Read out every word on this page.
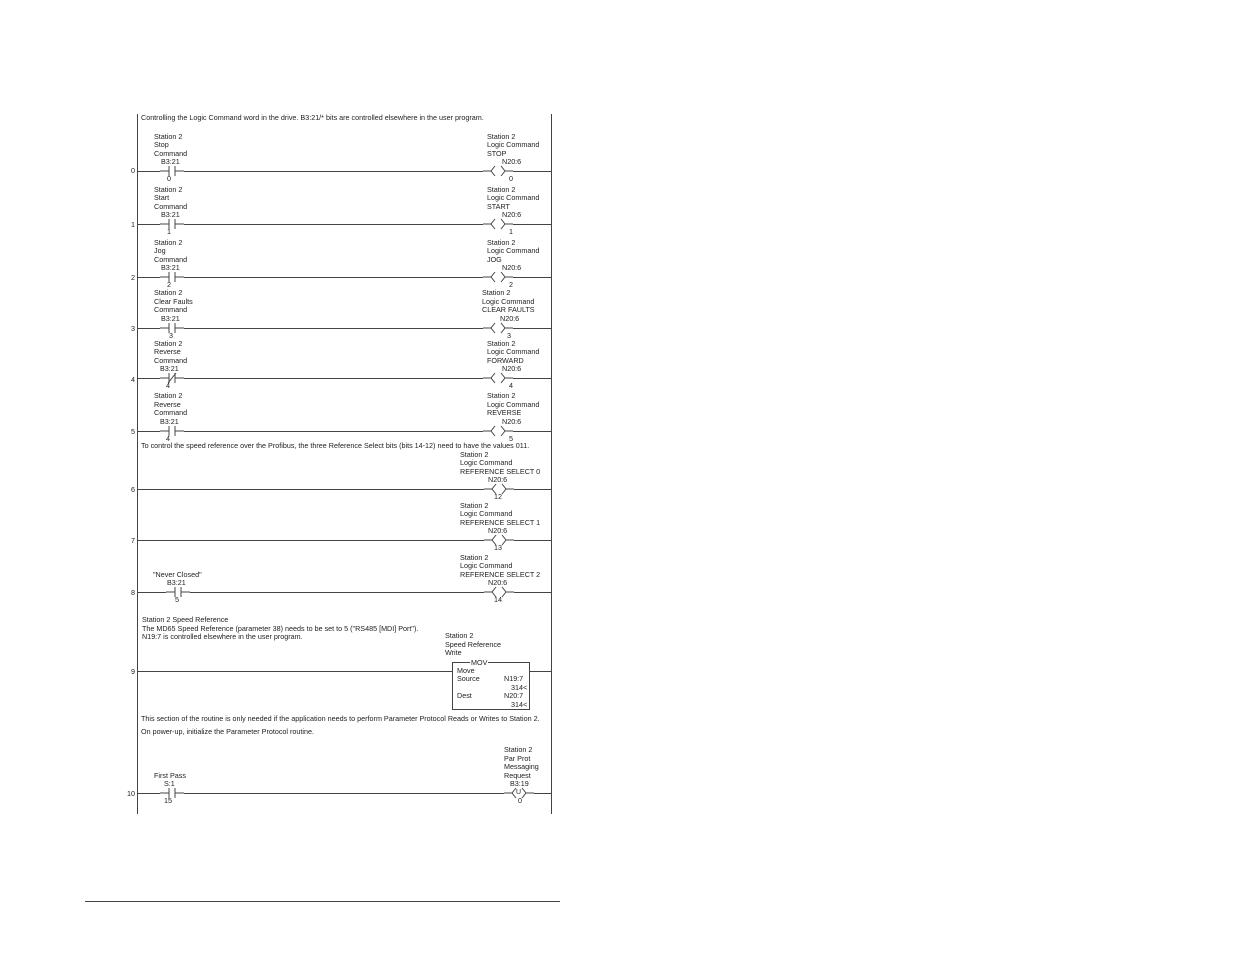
Controlling the Logic Command word in the drive. B3:21/* bits are controlled elsewhere in the user program.
To control the speed reference over the Profibus, the three Reference Select bits (bits 14-12) need to have the values 011.
This section of the routine is only needed if the application needs to perform Parameter Protocol Reads or Writes to Station 2.
On power-up, initialize the Parameter Protocol routine.
0
Station 2
Stop
Command
B3:21
0
Station 2
Logic Command
STOP
N20:6
0
1
Station 2
Start
Command
B3:21
1
Station 2
Logic Command
START
N20:6
1
2
Station 2
Jog
Command
B3:21
2
Station 2
Logic Command
JOG
N20:6
2
3
Station 2
Clear Faults
Command
B3:21
3
Station 2
Logic Command
CLEAR FAULTS
N20:6
3
4
Station 2
Reverse
Command
B3:21
4
Station 2
Logic Command
FORWARD
N20:6
4
5
Station 2
Reverse
Command
B3:21
4
Station 2
Logic Command
REVERSE
N20:6
5
6
Station 2
Logic Command
REFERENCE SELECT 0
N20:6
12
7
Station 2
Logic Command
REFERENCE SELECT 1
N20:6
13
8
"Never Closed"
B3:21
5
Station 2
Logic Command
REFERENCE SELECT 2
N20:6
14
Station 2 Speed Reference
The MD65 Speed Reference (parameter 38) needs to be set to 5 ("RS485 [MDI] Port").
N19:7 is controlled elsewhere in the user program.
9
Station 2
Speed Reference
Write
MOV
Move
Source	N19:7
314<
Dest	N20:7
314<
10
First Pass
S:1
15
Station 2
Par Prot
Messaging
Request
B3:19
U
0
